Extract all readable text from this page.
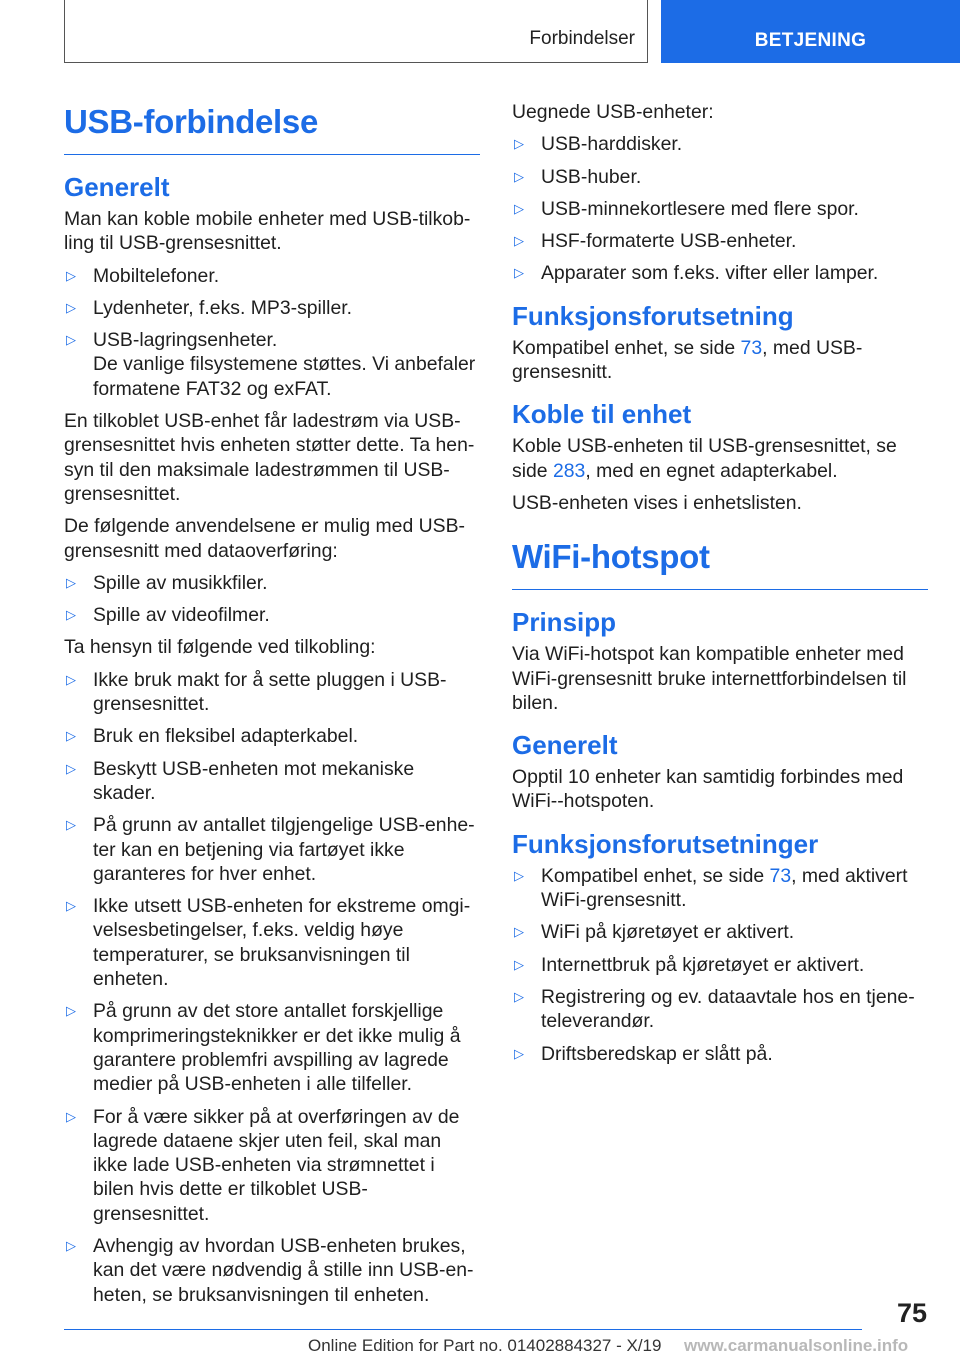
Forbindelser	BETJENING
USB-forbindelse
Generelt

Man kan koble mobile enheter med USB-tilkobling til USB-grensesnittet.

▷ Mobiltelefoner.
▷ Lydenheter, f.eks. MP3-spiller.
▷ USB-lagringsenheter.
De vanlige filsystemene støttes. Vi anbefaler formatene FAT32 og exFAT.

En tilkoblet USB-enhet får ladestrøm via USB-grensesnittet hvis enheten støtter dette. Ta hensyn til den maksimale ladestrømmen til USB-grensesnittet.

De følgende anvendelsene er mulig med USB-grensesnitt med dataoverføring:

▷ Spille av musikkfiler.
▷ Spille av videofilmer.

Ta hensyn til følgende ved tilkobling:

▷ Ikke bruk makt for å sette pluggen i USB-grensesnittet.
▷ Bruk en fleksibel adapterkabel.
▷ Beskytt USB-enheten mot mekaniske skader.
▷ På grunn av antallet tilgjengelige USB-enheter kan en betjening via fartøyet ikke garanteres for hver enhet.
▷ Ikke utsett USB-enheten for ekstreme omgivelsesbetingelser, f.eks. veldig høye temperaturer, se bruksanvisningen til enheten.
▷ På grunn av det store antallet forskjellige komprimeringsteknikker er det ikke mulig å garantere problemfri avspilling av lagrede medier på USB-enheten i alle tilfeller.
▷ For å være sikker på at overføringen av de lagrede dataene skjer uten feil, skal man ikke lade USB-enheten via strømnettet i bilen hvis dette er tilkoblet USB-grensesnittet.
▷ Avhengig av hvordan USB-enheten brukes, kan det være nødvendig å stille inn USB-enheten, se bruksanvisningen til enheten.

Uegnede USB-enheter:

▷ USB-harddisker.
▷ USB-huber.
▷ USB-minnekortlesere med flere spor.
▷ HSF-formaterte USB-enheter.
▷ Apparater som f.eks. vifter eller lamper.
Funksjonsforutsetning

Kompatibel enhet, se side 73, med USB-grensesnitt.

Koble til enhet

Koble USB-enheten til USB-grensesnittet, se side 283, med en egnet adapterkabel.

USB-enheten vises i enhetslisten.

WiFi-hotspot
Prinsipp

Via WiFi-hotspot kan kompatible enheter med WiFi-grensesnitt bruke internettforbindelsen til bilen.

Generelt

Opptil 10 enheter kan samtidig forbindes med WiFi--hotspoten.

Funksjonsforutsetninger
▷ Kompatibel enhet, se side 73, med aktivert WiFi-grensesnitt.
▷ WiFi på kjøretøyet er aktivert.
▷ Internettbruk på kjøretøyet er aktivert.
▷ Registrering og ev. dataavtale hos en tjeneteleverandør.
▷ Driftsberedskap er slått på.
75
Online Edition for Part no. 01402884327 - X/19 www.carmanualsonline.info
